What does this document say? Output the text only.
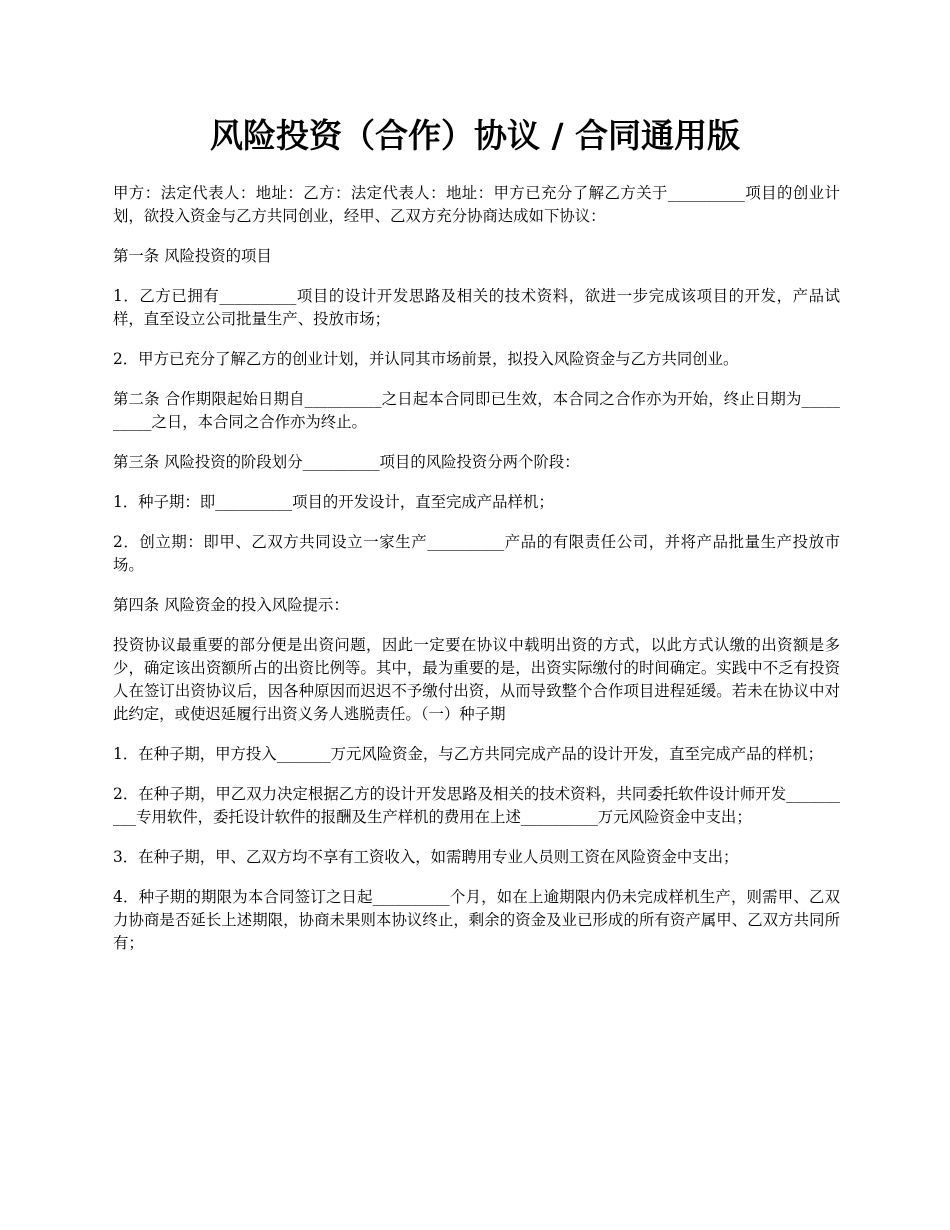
风险投资（合作）协议 / 合同通用版

甲方：法定代表人：地址：乙方：法定代表人：地址：甲方已充分了解乙方关于__________项目的创业计划，欲投入资金与乙方共同创业，经甲、乙双方充分协商达成如下协议：

第一条 风险投资的项目

1．乙方已拥有__________项目的设计开发思路及相关的技术资料，欲进一步完成该项目的开发，产品试样，直至设立公司批量生产、投放市场；

2．甲方已充分了解乙方的创业计划，并认同其市场前景，拟投入风险资金与乙方共同创业。

第二条 合作期限起始日期自__________之日起本合同即已生效，本合同之合作亦为开始，终止日期为__________之日，本合同之合作亦为终止。

第三条 风险投资的阶段划分__________项目的风险投资分两个阶段：

1．种子期：即__________项目的开发设计，直至完成产品样机；

2．创立期：即甲、乙双方共同设立一家生产__________产品的有限责任公司，并将产品批量生产投放市场。

第四条 风险资金的投入风险提示：

投资协议最重要的部分便是出资问题，因此一定要在协议中载明出资的方式，以此方式认缴的出资额是多少，确定该出资额所占的出资比例等。其中，最为重要的是，出资实际缴付的时间确定。实践中不乏有投资人在签订出资协议后，因各种原因而迟迟不予缴付出资，从而导致整个合作项目进程延缓。若未在协议中对此约定，或使迟延履行出资义务人逃脱责任。（一）种子期

1．在种子期，甲方投入_______万元风险资金，与乙方共同完成产品的设计开发，直至完成产品的样机；

2．在种子期，甲乙双力决定根据乙方的设计开发思路及相关的技术资料，共同委托软件设计师开发__________专用软件，委托设计软件的报酬及生产样机的费用在上述__________万元风险资金中支出；

3．在种子期，甲、乙双方均不享有工资收入，如需聘用专业人员则工资在风险资金中支出；

4．种子期的期限为本合同签订之日起__________个月，如在上逾期限内仍未完成样机生产，则需甲、乙双力协商是否延长上述期限，协商未果则本协议终止，剩余的资金及业已形成的所有资产属甲、乙双方共同所有；
